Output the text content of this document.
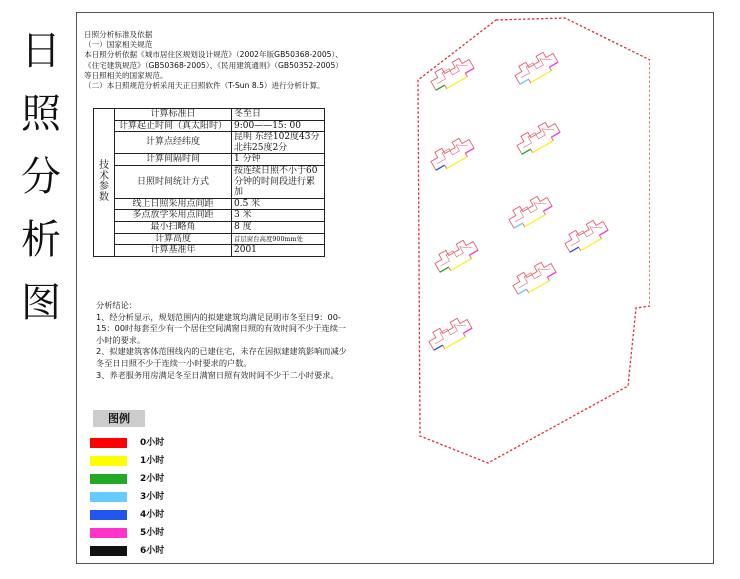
日
照
分
析
图
日照分析标准及依据
（一）国家相关规范
本日照分析依据《城市居住区规划设计规范》（2002年版GB50368-2005）、《住宅建筑规范》（GB50368-2005）、《民用建筑通则》（GB50352-2005）等日照相关的国家规范。
（二）本日照规范分析采用天正日照软件（T-Sun 8.5）进行分析计算。
技
术
参
数	计算标准日	冬至日
	计算起止时间（真太阳时）	9:00——15: 00
	计算点经纬度	昆明 东经102度43分 北纬25度2分
	计算间隔时间	1 分钟
	日照时间统计方式	按连续日照不小于60分钟的时间段进行累加
	线上日照采用点间距	0.5 米
	多点放学采用点间距	3 米
	最小扫略角	8 度
	计算高度	首层窗台高度900mm处
	计算基准年	2001
分析结论：
1、经分析显示，规划范围内的拟建建筑均满足昆明市冬至日9：00-15：00时每套至少有一个居住空间满窗日照的有效时间不少于连续一小时的要求。
2、拟建建筑客体范围线内的已建住宅，未存在因拟建建筑影响而减少冬至日日照不少于连续一小时要求的户数。
3、养老服务用房满足冬至日满窗日照有效时间不少于二小时要求。
图例
0小时
1小时
2小时
3小时
4小时
5小时
6小时
